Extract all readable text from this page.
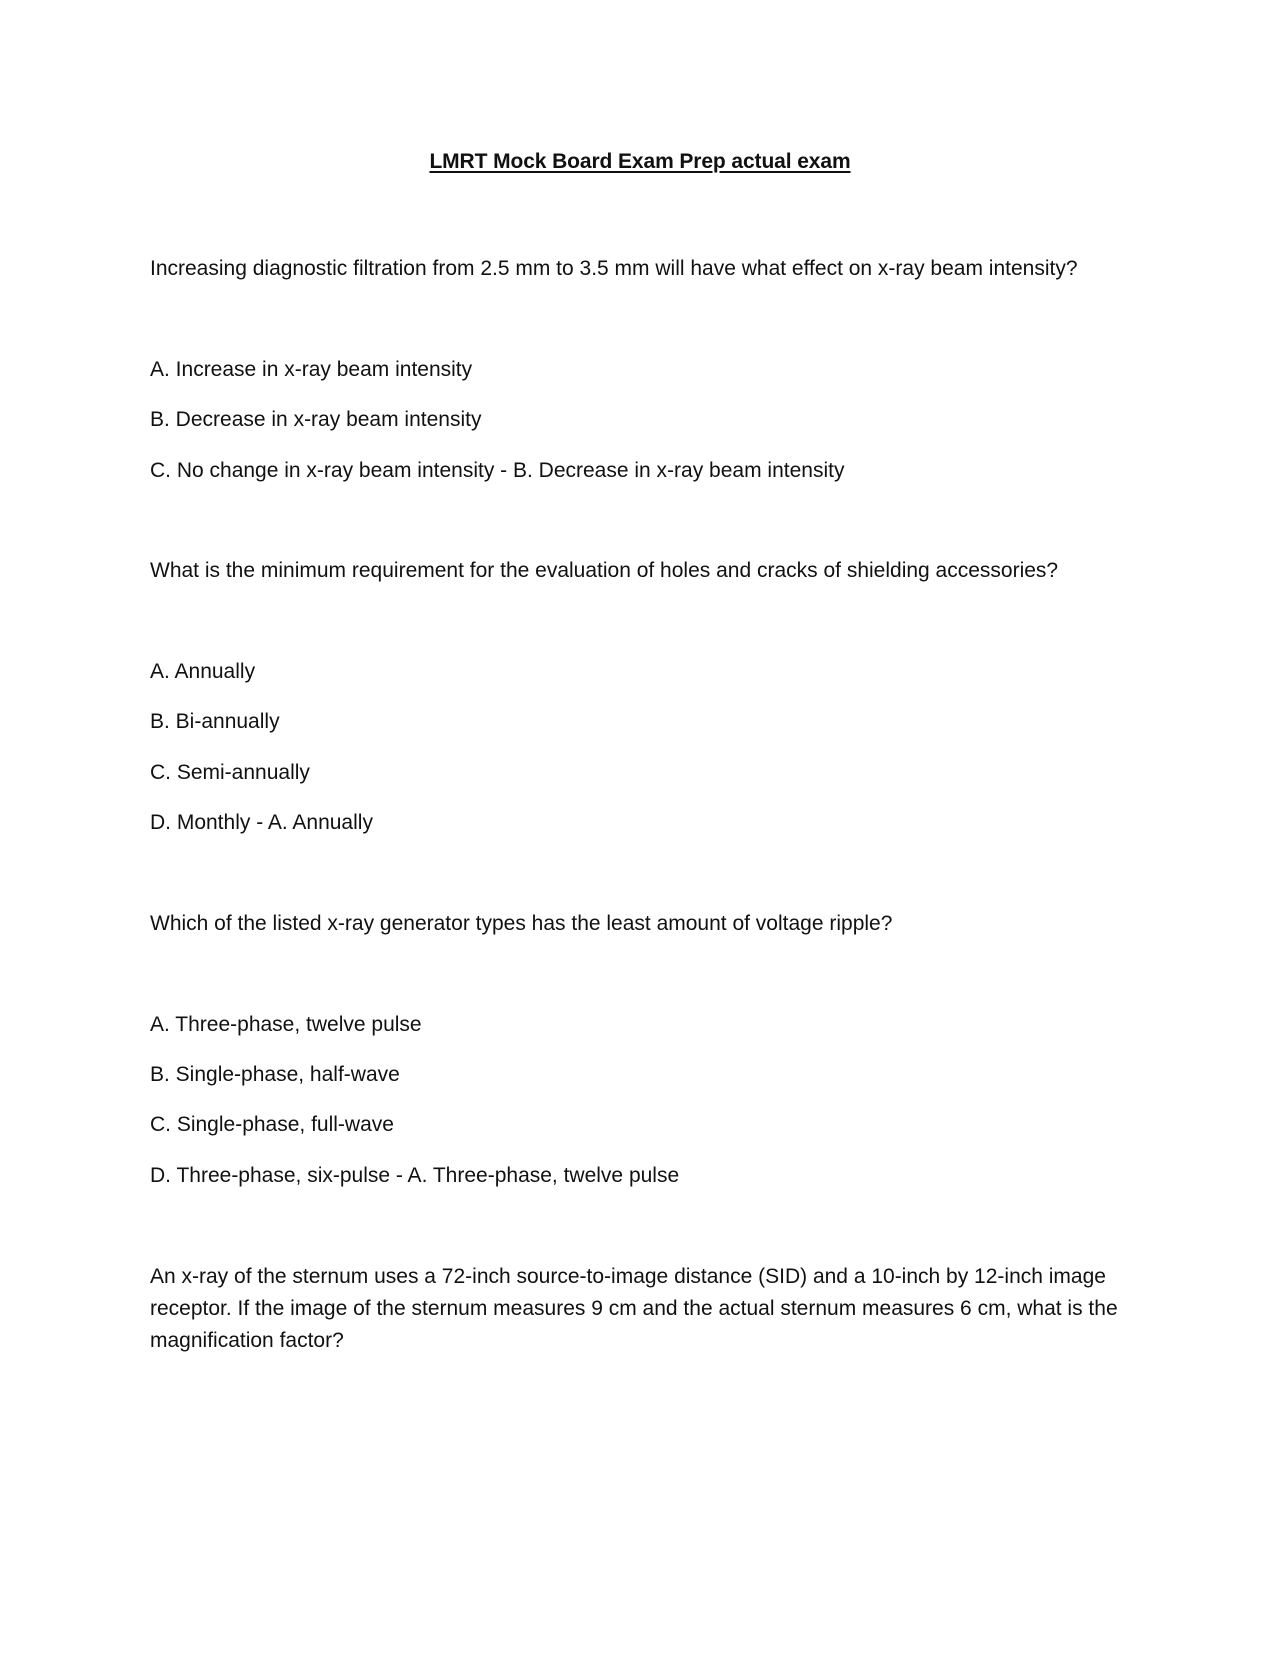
LMRT Mock Board Exam Prep actual exam
Increasing diagnostic filtration from 2.5 mm to 3.5 mm will have what effect on x-ray beam intensity?
A. Increase in x-ray beam intensity
B. Decrease in x-ray beam intensity
C. No change in x-ray beam intensity - B. Decrease in x-ray beam intensity
What is the minimum requirement for the evaluation of holes and cracks of shielding accessories?
A. Annually
B. Bi-annually
C. Semi-annually
D. Monthly - A. Annually
Which of the listed x-ray generator types has the least amount of voltage ripple?
A. Three-phase, twelve pulse
B. Single-phase, half-wave
C. Single-phase, full-wave
D. Three-phase, six-pulse - A. Three-phase, twelve pulse
An x-ray of the sternum uses a 72-inch source-to-image distance (SID) and a 10-inch by 12-inch image receptor. If the image of the sternum measures 9 cm and the actual sternum measures 6 cm, what is the magnification factor?
